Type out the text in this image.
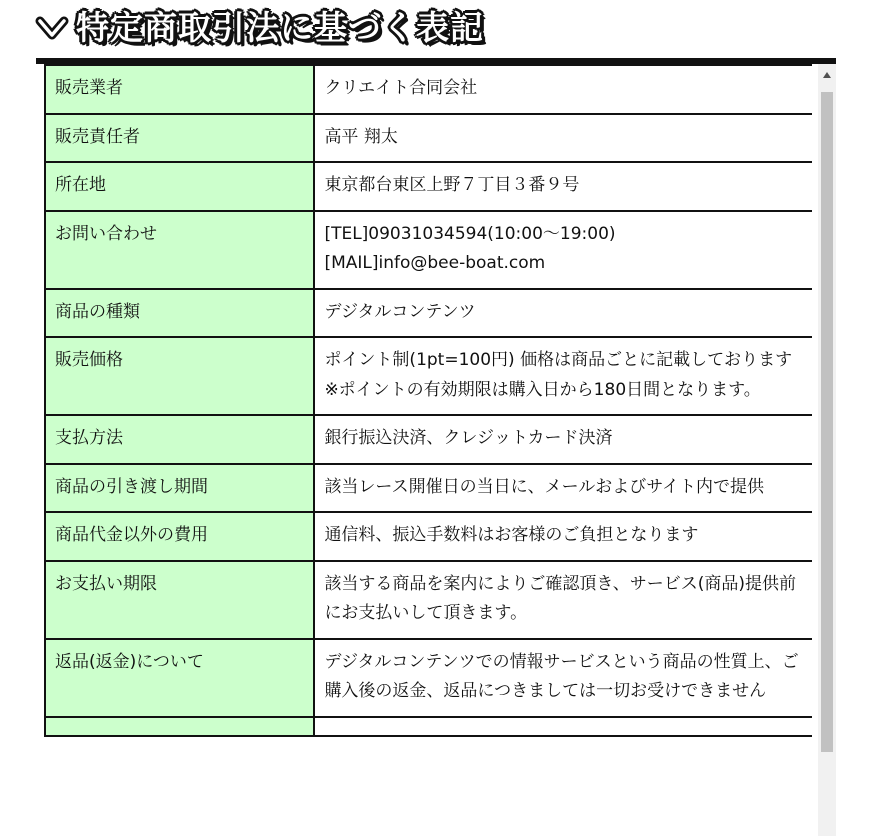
特定商取引法に基づく表記
販売業者	クリエイト合同会社

販売責任者	高平 翔太

所在地	東京都台東区上野７丁目３番９号

お問い合わせ	[TEL]09031034594(10:00〜19:00)
[MAIL]info@bee-boat.com

商品の種類	デジタルコンテンツ

販売価格	ポイント制(1pt=100円) 価格は商品ごとに記載しております
※ポイントの有効期限は購入日から180日間となります。

支払方法	銀行振込決済、クレジットカード決済

商品の引き渡し期間	該当レース開催日の当日に、メールおよびサイト内で提供

商品代金以外の費用	通信料、振込手数料はお客様のご負担となります

お支払い期限	該当する商品を案内によりご確認頂き、サービス(商品)提供前にお支払いして頂きます。

返品(返金)について	デジタルコンテンツでの情報サービスという商品の性質上、ご購入後の返金、返品につきましては一切お受けできません
